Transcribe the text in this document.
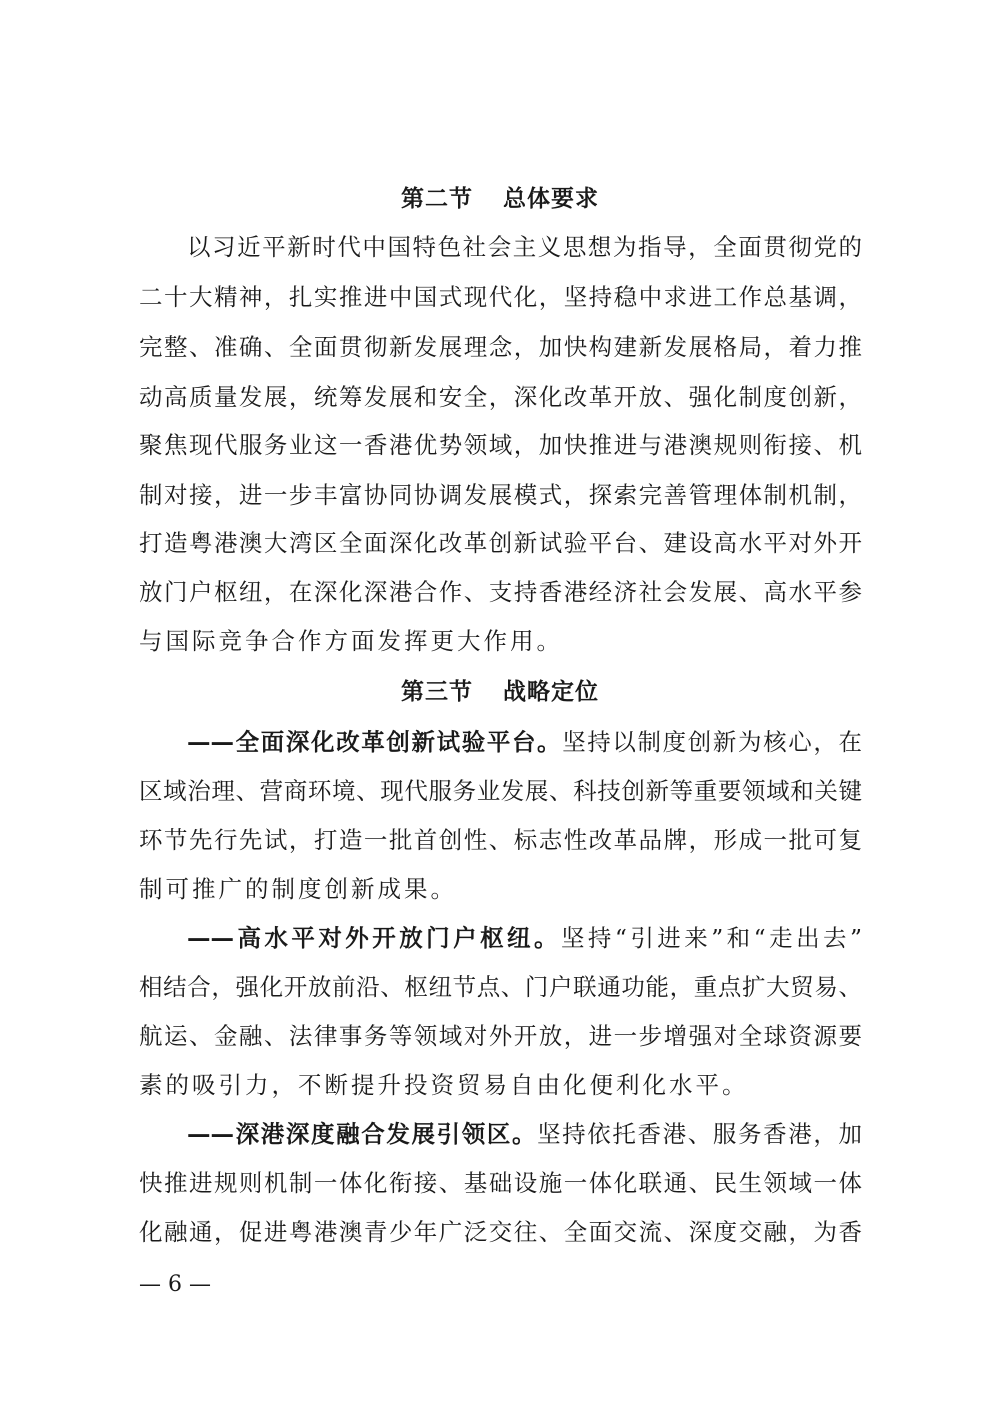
第二节 总体要求
以习近平新时代中国特色社会主义思想为指导，全面贯彻党的
二十大精神，扎实推进中国式现代化，坚持稳中求进工作总基调，
完整、准确、全面贯彻新发展理念，加快构建新发展格局，着力推
动高质量发展，统筹发展和安全，深化改革开放、强化制度创新，
聚焦现代服务业这一香港优势领域，加快推进与港澳规则衔接、机
制对接，进一步丰富协同协调发展模式，探索完善管理体制机制，
打造粤港澳大湾区全面深化改革创新试验平台、建设高水平对外开
放门户枢纽，在深化深港合作、支持香港经济社会发展、高水平参
与国际竞争合作方面发挥更大作用。
第三节 战略定位
——全面深化改革创新试验平台。坚持以制度创新为核心，在
区域治理、营商环境、现代服务业发展、科技创新等重要领域和关键
环节先行先试，打造一批首创性、标志性改革品牌，形成一批可复
制可推广的制度创新成果。
——高水平对外开放门户枢纽。坚持“引进来”和“走出去”
相结合，强化开放前沿、枢纽节点、门户联通功能，重点扩大贸易、
航运、金融、法律事务等领域对外开放，进一步增强对全球资源要
素的吸引力，不断提升投资贸易自由化便利化水平。
——深港深度融合发展引领区。坚持依托香港、服务香港，加
快推进规则机制一体化衔接、基础设施一体化联通、民生领域一体
化融通，促进粤港澳青少年广泛交往、全面交流、深度交融，为香
— 6 —
